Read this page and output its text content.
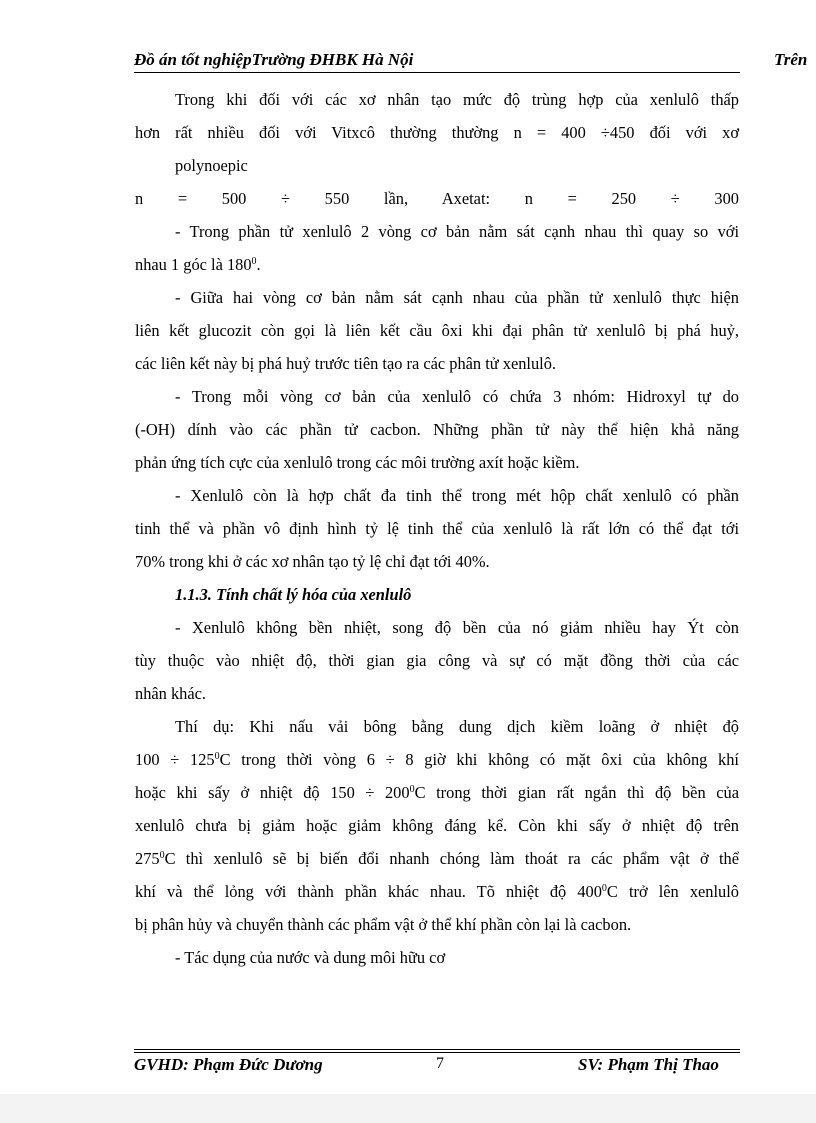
Đồ án tốt nghiệpTrường ĐHBK Hà Nội	Trên
Trong khi đối với các xơ nhân tạo mức độ trùng hợp của xenlulô thấp
hơn rất nhiều đối với Vitxcô thường thường n = 400 ÷450 đối với xơ
polynoepic
n = 500 ÷ 550 lần, Axetat: n = 250 ÷ 300
- Trong phần tử xenlulô 2 vòng cơ bản nằm sát cạnh nhau thì quay so với
nhau 1 góc là $180^0$.
- Giữa hai vòng cơ bản nằm sát cạnh nhau của phần tử xenlulô thực hiện
liên kết glucozit còn gọi là liên kết cầu ôxi khi đại phân tử xenlulô bị phá huỷ,
các liên kết này bị phá huỷ trước tiên tạo ra các phân tử xenlulô.
- Trong mỗi vòng cơ bản của xenlulô có chứa 3 nhóm: Hidroxyl tự do
(-OH) dính vào các phần tử cacbon. Những phần tử này thể hiện khả năng
phản ứng tích cực của xenlulô trong các môi trường axít hoặc kiềm.
- Xenlulô còn là hợp chất đa tinh thể trong mét hộp chất xenlulô có phần
tinh thể và phần vô định hình tỷ lệ tinh thể của xenlulô là rất lớn có thể đạt tới
70% trong khi ở các xơ nhân tạo tỷ lệ chỉ đạt tới 40%.
1.1.3. Tính chất lý hóa của xenlulô
- Xenlulô không bền nhiệt, song độ bền của nó giảm nhiều hay Ýt còn
tùy thuộc vào nhiệt độ, thời gian gia công và sự có mặt đồng thời của các
nhân khác.
Thí dụ: Khi nấu vải bông bằng dung dịch kiềm loãng ở nhiệt độ
$100 \div 125^0C$ trong thời vòng 6 ÷ 8 giờ khi không có mặt ôxi của không khí
hoặc khi sấy ở nhiệt độ $150 \div 200^0C$ trong thời gian rất ngắn thì độ bền của
xenlulô chưa bị giảm hoặc giảm không đáng kể. Còn khi sấy ở nhiệt độ trên
$275^0C$ thì xenlulô sẽ bị biến đổi nhanh chóng làm thoát ra các phẩm vật ở thể
khí và thể lỏng với thành phần khác nhau. Tõ nhiệt độ $400^0C$ trở lên xenlulô
bị phân hủy và chuyển thành các phẩm vật ở thể khí phần còn lại là cacbon.
- Tác dụng của nước và dung môi hữu cơ
GVHD: Phạm Đức Dương	7	SV: Phạm Thị Thao
